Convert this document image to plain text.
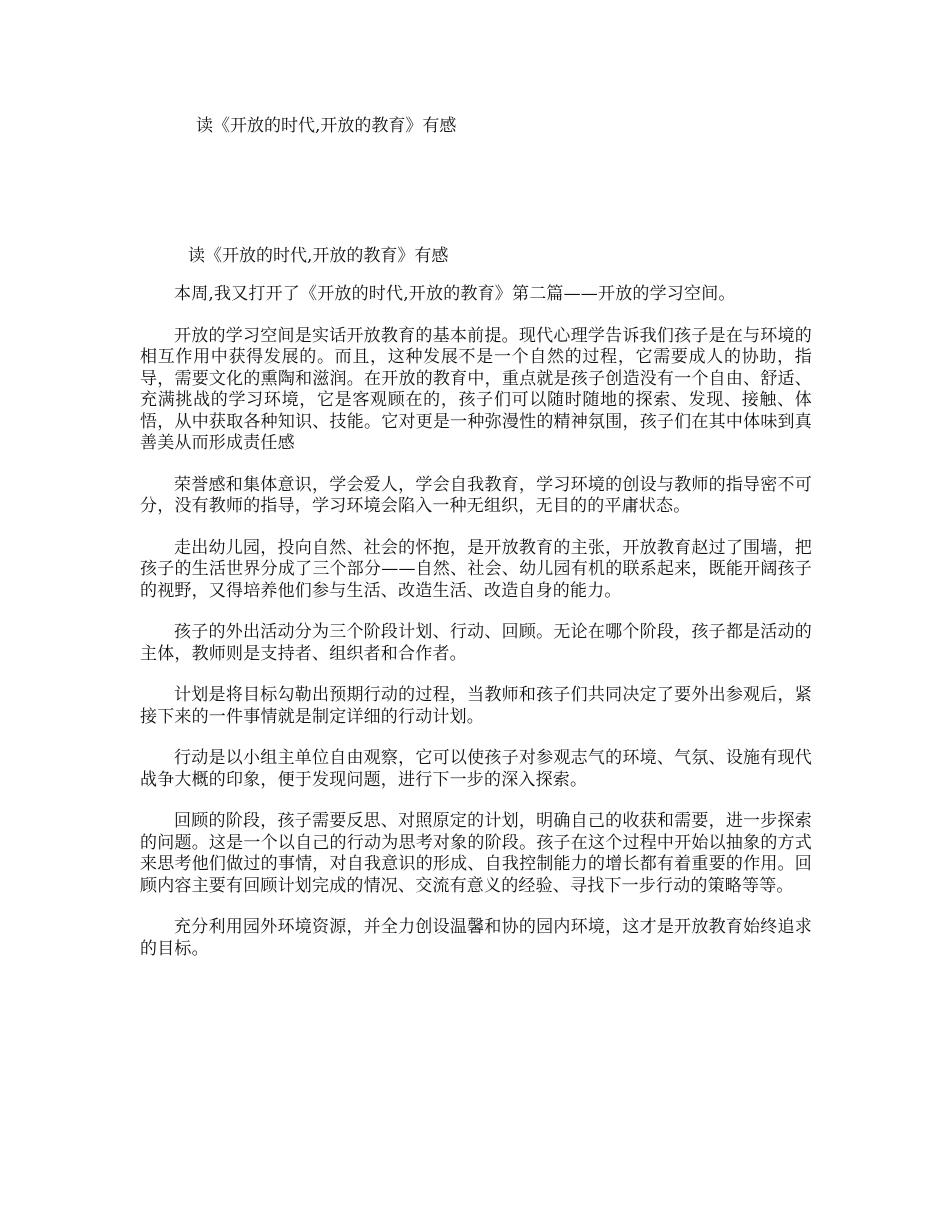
读《开放的时代,开放的教育》有感
读《开放的时代,开放的教育》有感

本周,我又打开了《开放的时代,开放的教育》第二篇——开放的学习空间。

开放的学习空间是实话开放教育的基本前提。现代心理学告诉我们孩子是在与环境的相互作用中获得发展的。而且，这种发展不是一个自然的过程，它需要成人的协助，指导，需要文化的熏陶和滋润。在开放的教育中，重点就是孩子创造没有一个自由、舒适、充满挑战的学习环境，它是客观顾在的，孩子们可以随时随地的探索、发现、接触、体悟，从中获取各种知识、技能。它对更是一种弥漫性的精神氛围，孩子们在其中体味到真善美从而形成责任感

荣誉感和集体意识，学会爱人，学会自我教育，学习环境的创设与教师的指导密不可分，没有教师的指导，学习环境会陷入一种无组织，无目的的平庸状态。

走出幼儿园，投向自然、社会的怀抱，是开放教育的主张，开放教育赵过了围墙，把孩子的生活世界分成了三个部分——自然、社会、幼儿园有机的联系起来，既能开阔孩子的视野，又得培养他们参与生活、改造生活、改造自身的能力。

孩子的外出活动分为三个阶段计划、行动、回顾。无论在哪个阶段，孩子都是活动的主体，教师则是支持者、组织者和合作者。

计划是将目标勾勒出预期行动的过程，当教师和孩子们共同决定了要外出参观后，紧接下来的一件事情就是制定详细的行动计划。

行动是以小组主单位自由观察，它可以使孩子对参观志气的环境、气氛、设施有现代战争大概的印象，便于发现问题，进行下一步的深入探索。

回顾的阶段，孩子需要反思、对照原定的计划，明确自己的收获和需要，进一步探索的问题。这是一个以自己的行动为思考对象的阶段。孩子在这个过程中开始以抽象的方式来思考他们做过的事情，对自我意识的形成、自我控制能力的增长都有着重要的作用。回顾内容主要有回顾计划完成的情况、交流有意义的经验、寻找下一步行动的策略等等。

充分利用园外环境资源，并全力创设温馨和协的园内环境，这才是开放教育始终追求的目标。
